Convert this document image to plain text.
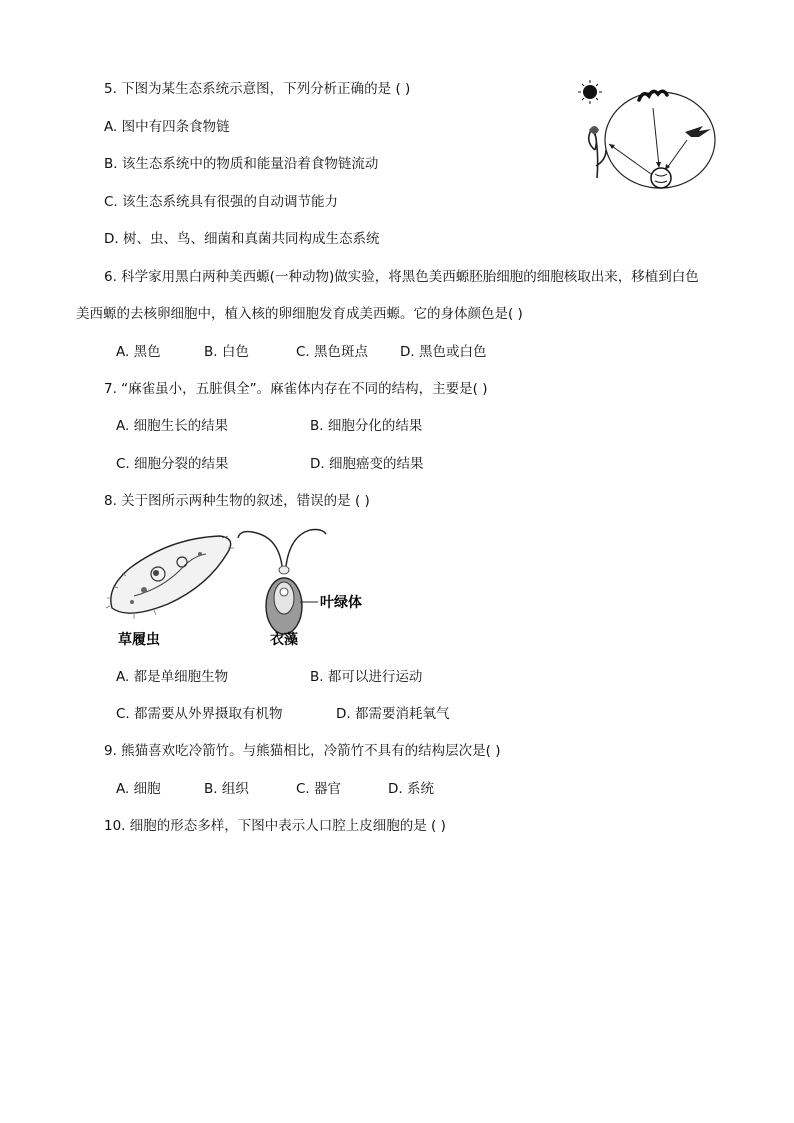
5. 下图为某生态系统示意图，下列分析正确的是 ( )
A. 图中有四条食物链
B. 该生态系统中的物质和能量沿着食物链流动
C. 该生态系统具有很强的自动调节能力
D. 树、虫、鸟、细菌和真菌共同构成生态系统
6. 科学家用黑白两种美西螈(一种动物)做实验，将黑色美西螈胚胎细胞的细胞核取出来，移植到白色
美西螈的去核卵细胞中，植入核的卵细胞发育成美西螈。它的身体颜色是( )
A. 黑色	B. 白色	C. 黑色斑点 D. 黑色或白色
7. “麻雀虽小，五脏俱全”。麻雀体内存在不同的结构，主要是( )
A. 细胞生长的结果	B. 细胞分化的结果
C. 细胞分裂的结果	D. 细胞癌变的结果
8. 关于图所示两种生物的叙述，错误的是 ( )
草履虫
叶绿体
衣藻
A. 都是单细胞生物	B. 都可以进行运动
C. 都需要从外界摄取有机物	D. 都需要消耗氧气
9. 熊猫喜欢吃冷箭竹。与熊猫相比，冷箭竹不具有的结构层次是( )
A. 细胞	B. 组织	C. 器官	D. 系统
10. 细胞的形态多样，下图中表示人口腔上皮细胞的是 ( )
